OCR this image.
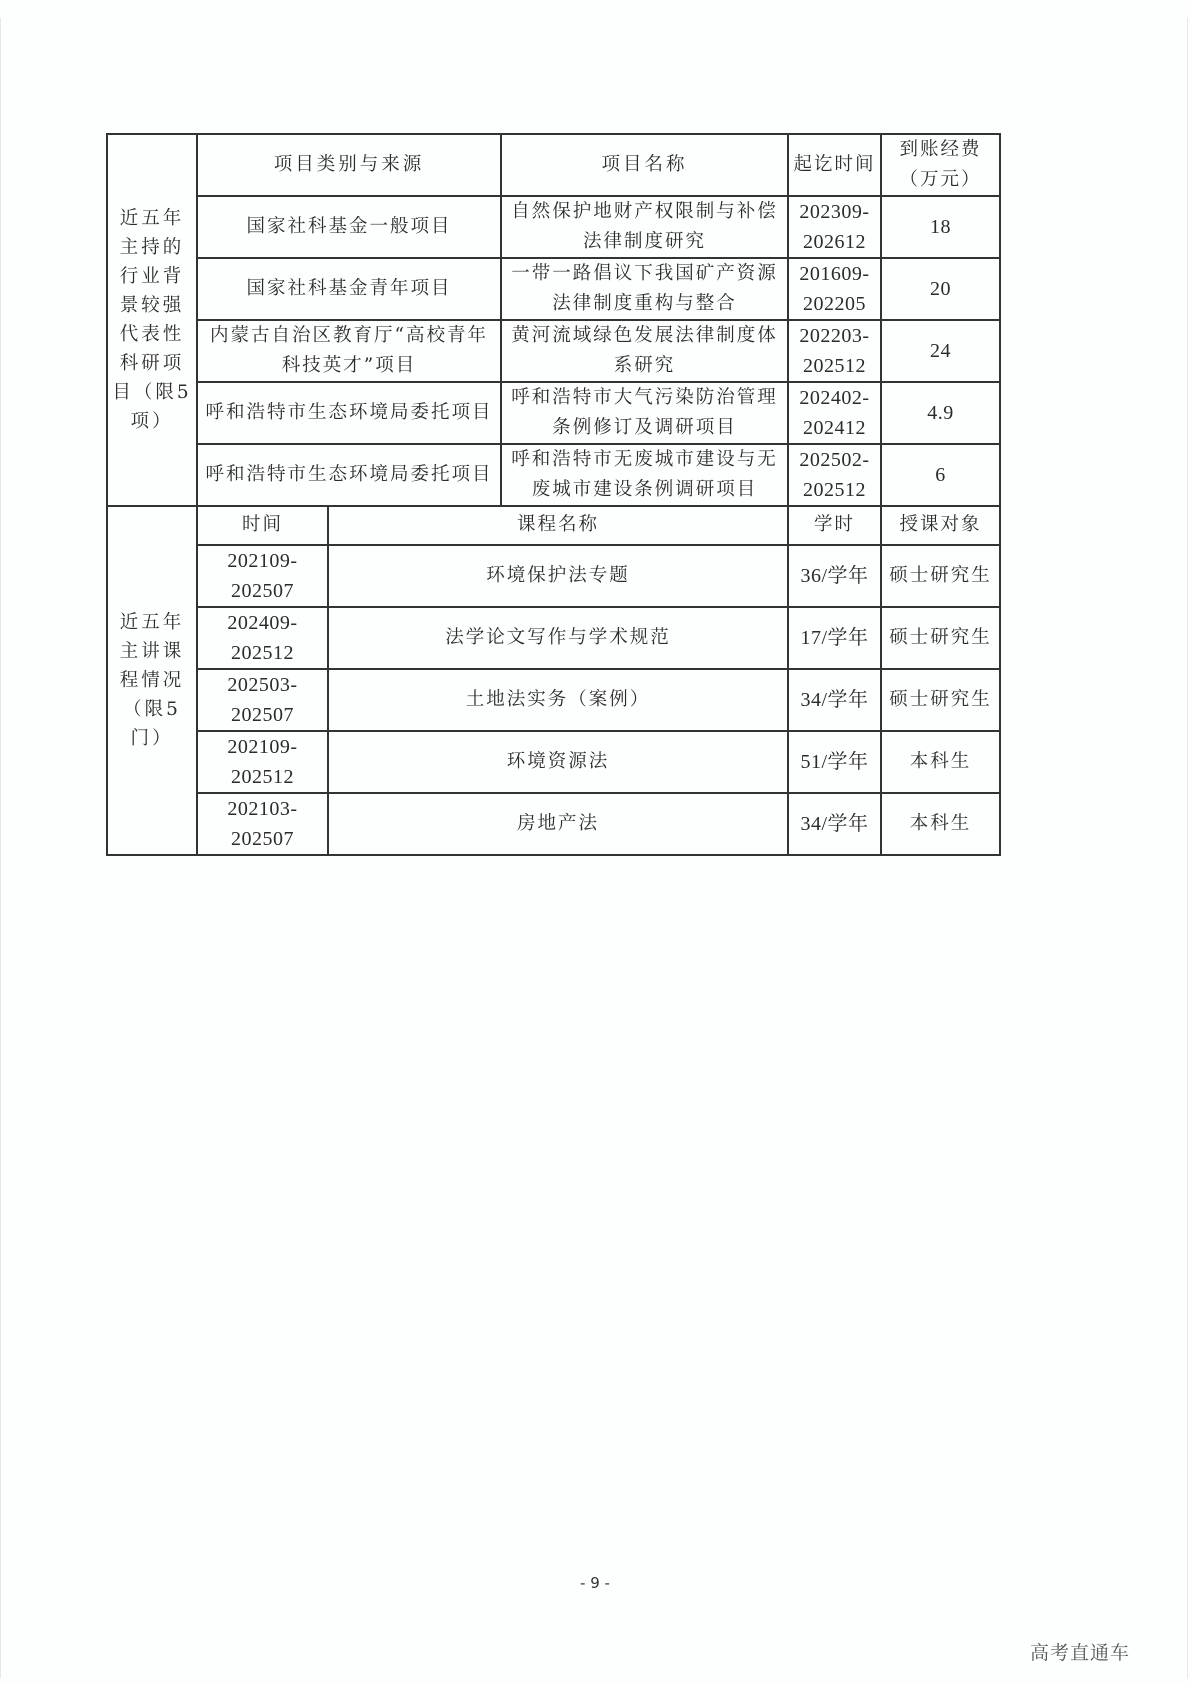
近五年主持的行业背景较强代表性科研项目（限5项）	项目类别与来源		项目名称	起讫时间	到账经费（万元）
	国家社科基金一般项目		自然保护地财产权限制与补偿法律制度研究	202309-202612	18
	国家社科基金青年项目		一带一路倡议下我国矿产资源法律制度重构与整合	201609-202205	20
	内蒙古自治区教育厅“高校青年科技英才”项目		黄河流域绿色发展法律制度体系研究	202203-202512	24
	呼和浩特市生态环境局委托项目		呼和浩特市大气污染防治管理条例修订及调研项目	202402-202412	4.9
	呼和浩特市生态环境局委托项目		呼和浩特市无废城市建设与无废城市建设条例调研项目	202502-202512	6
近五年主讲课程情况（限5门）	时间	课程名称		学时	授课对象
	202109-202507	环境保护法专题		36/学年	硕士研究生
	202409-202512	法学论文写作与学术规范		17/学年	硕士研究生
	202503-202507	土地法实务（案例）		34/学年	硕士研究生
	202109-202512	环境资源法		51/学年	本科生
	202103-202507	房地产法		34/学年	本科生
- 9 -
高考直通车
